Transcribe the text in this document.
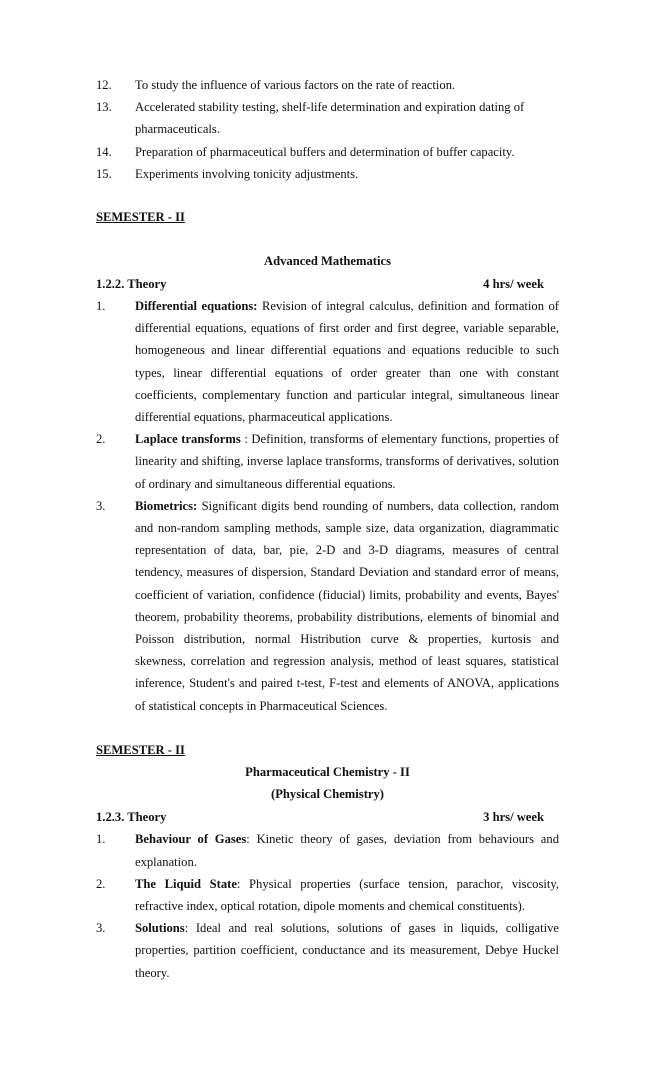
12.	To study the influence of various factors on the rate of reaction.
13.	Accelerated stability testing, shelf-life determination and expiration dating of pharmaceuticals.
14.	Preparation of pharmaceutical buffers and determination of buffer capacity.
15.	Experiments involving tonicity adjustments.
SEMESTER - II
Advanced Mathematics
1.2.2. Theory	4 hrs/ week
1.	Differential equations: Revision of integral calculus, definition and formation of differential equations, equations of first order and first degree, variable separable, homogeneous and linear differential equations and equations reducible to such types, linear differential equations of order greater than one with constant coefficients, complementary function and particular integral, simultaneous linear differential equations, pharmaceutical applications.
2.	Laplace transforms : Definition, transforms of elementary functions, properties of linearity and shifting, inverse laplace transforms, transforms of derivatives, solution of ordinary and simultaneous differential equations.
3.	Biometrics: Significant digits bend rounding of numbers, data collection, random and non-random sampling methods, sample size, data organization, diagrammatic representation of data, bar, pie, 2-D and 3-D diagrams, measures of central tendency, measures of dispersion, Standard Deviation and standard error of means, coefficient of variation, confidence (fiducial) limits, probability and events, Bayes' theorem, probability theorems, probability distributions, elements of binomial and Poisson distribution, normal Histribution curve & properties, kurtosis and skewness, correlation and regression analysis, method of least squares, statistical inference, Student's and paired t-test, F-test and elements of ANOVA, applications of statistical concepts in Pharmaceutical Sciences.
SEMESTER - II
Pharmaceutical Chemistry - II
(Physical Chemistry)
1.2.3. Theory	3 hrs/ week
1.	Behaviour of Gases: Kinetic theory of gases, deviation from behaviours and explanation.
2.	The Liquid State: Physical properties (surface tension, parachor, viscosity, refractive index, optical rotation, dipole moments and chemical constituents).
3.	Solutions: Ideal and real solutions, solutions of gases in liquids, colligative properties, partition coefficient, conductance and its measurement, Debye Huckel theory.
